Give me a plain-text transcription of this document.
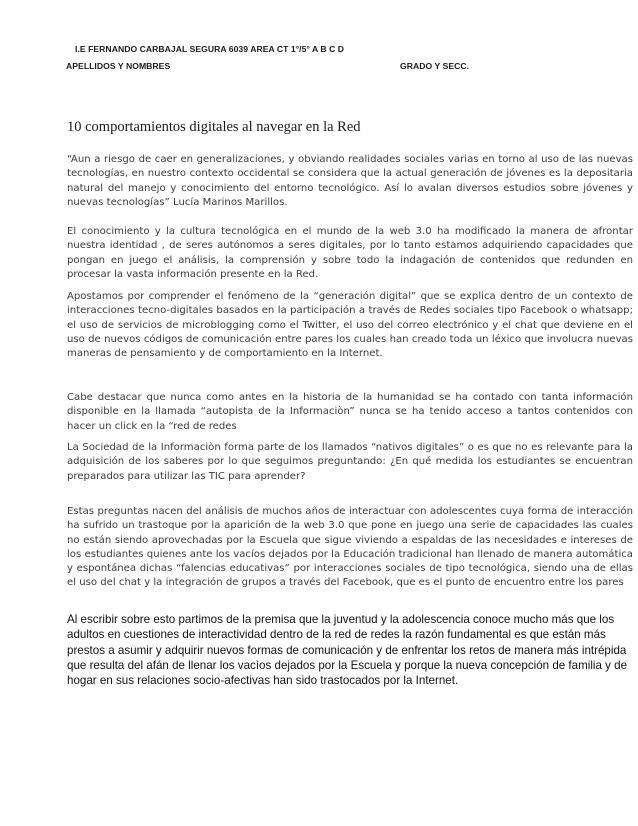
I.E FERNANDO CARBAJAL SEGURA 6039 AREA CT 1°/5° A B C D
APELLIDOS Y NOMBRES	GRADO Y SECC.
10 comportamientos digitales al navegar en la Red

“Aun a riesgo de caer en generalizaciones, y obviando realidades sociales varias en torno al uso de las nuevas tecnologías, en nuestro contexto occidental se considera que la actual generación de jóvenes es la depositaria natural del manejo y conocimiento del entorno tecnológico. Así lo avalan diversos estudios sobre jóvenes y nuevas tecnologías” Lucía Marinos Marillos.

El conocimiento y la cultura tecnológica en el mundo de la web 3.0 ha modificado la manera de afrontar nuestra identidad , de seres autónomos a seres digitales, por lo tanto estamos adquiriendo capacidades que pongan en juego el análisis, la comprensión y sobre todo la indagación de contenidos que redunden en procesar la vasta información presente en la Red.

Apostamos por comprender el fenómeno de la “generación digital” que se explica dentro de un contexto de interacciones tecno-digitales basados en la participación a través de Redes sociales tipo Facebook o whatsapp; el uso de servicios de microblogging como el Twitter, el uso del correo electrónico y el chat que deviene en el uso de nuevos códigos de comunicación entre pares los cuales han creado toda un léxico que involucra nuevas maneras de pensamiento y de comportamiento en la Internet.

Cabe destacar que nunca como antes en la historia de la humanidad se ha contado con tanta información disponible en la llamada “autopista de la Informaciòn” nunca se ha tenido acceso a tantos contenidos con hacer un click en la “red de redes

La Sociedad de la Informaciòn forma parte de los llamados “nativos digitales” o es que no es relevante para la adquisición de los saberes por lo que seguimos preguntando: ¿En qué medida los estudiantes se encuentran preparados para utilizar las TIC para aprender?

Estas preguntas nacen del análisis de muchos años de interactuar con adolescentes cuya forma de interacción ha sufrido un trastoque por la aparición de la web 3.0 que pone en juego una serie de capacidades las cuales no están siendo aprovechadas por la Escuela que sigue viviendo a espaldas de las necesidades e intereses de los estudiantes quienes ante los vacíos dejados por la Educación tradicional han llenado de manera automática y espontánea dichas “falencias educativas” por interacciones sociales de tipo tecnológica, siendo una de ellas el uso del chat y la integración de grupos a través del Facebook, que es el punto de encuentro entre los pares

Al escribir sobre esto partimos de la premisa que la juventud y la adolescencia conoce mucho más que los adultos en cuestiones de interactividad dentro de la red de redes la razón fundamental es que están más prestos a asumir y adquirir nuevos formas de comunicación y de enfrentar los retos de manera más intrépida que resulta del afán de llenar los vacìos dejados por la Escuela y porque la nueva concepción de familia y de hogar en sus relaciones socio-afectivas han sido trastocados por la Internet.
